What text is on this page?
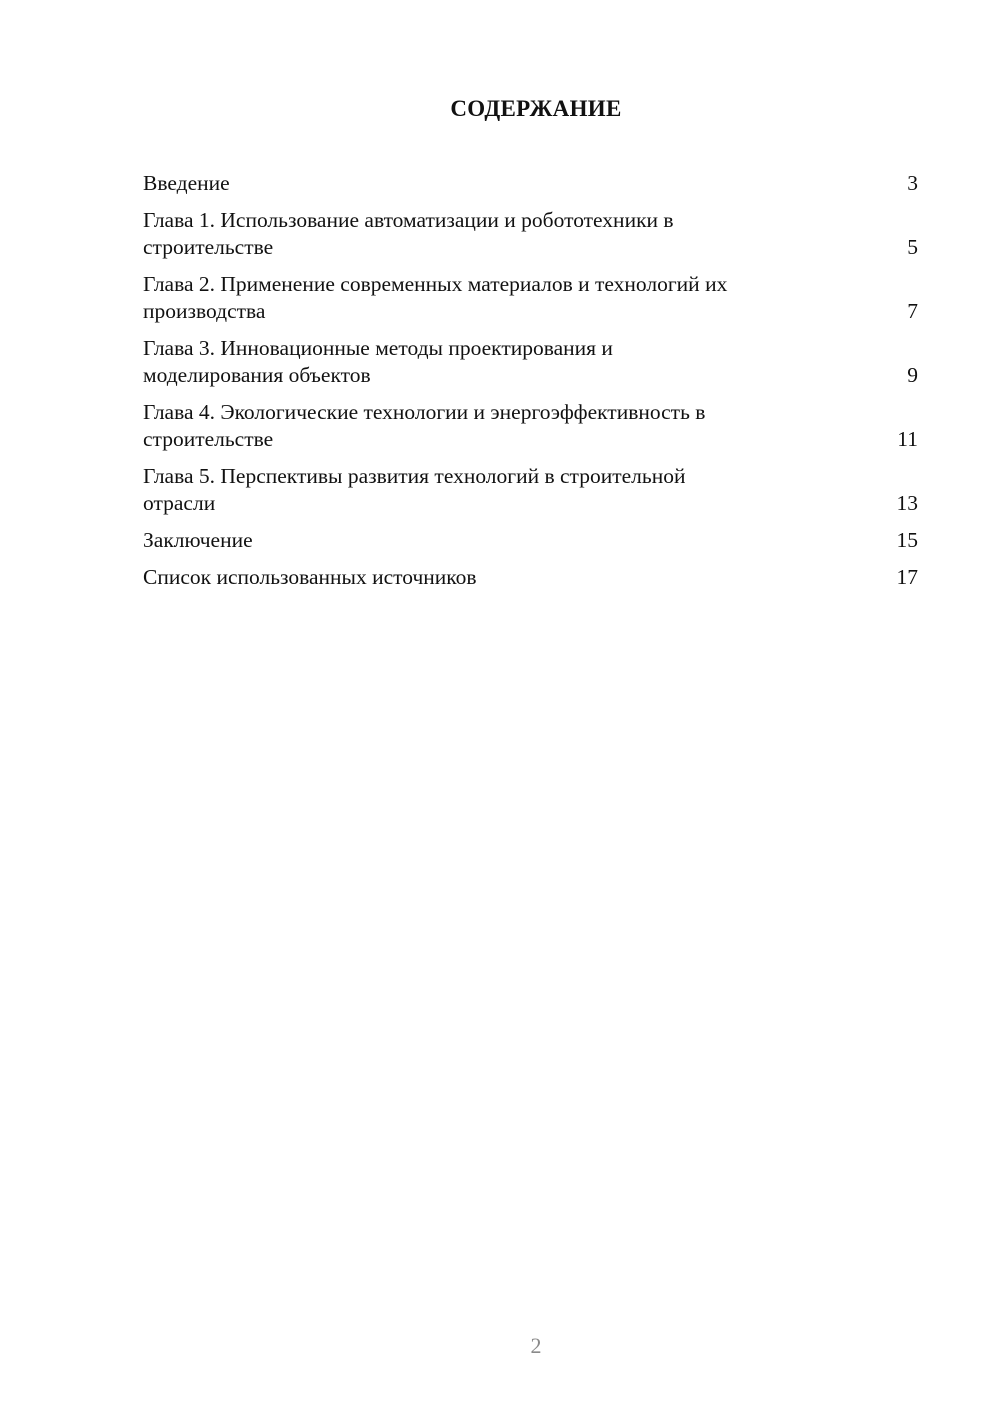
СОДЕРЖАНИЕ
Введение	3
Глава 1. Использование автоматизации и робототехники в
строительстве	5
Глава 2. Применение современных материалов и технологий их
производства	7
Глава 3. Инновационные методы проектирования и
моделирования объектов	9
Глава 4. Экологические технологии и энергоэффективность в
строительстве	11
Глава 5. Перспективы развития технологий в строительной
отрасли	13
Заключение	15
Список использованных источников	17
2
